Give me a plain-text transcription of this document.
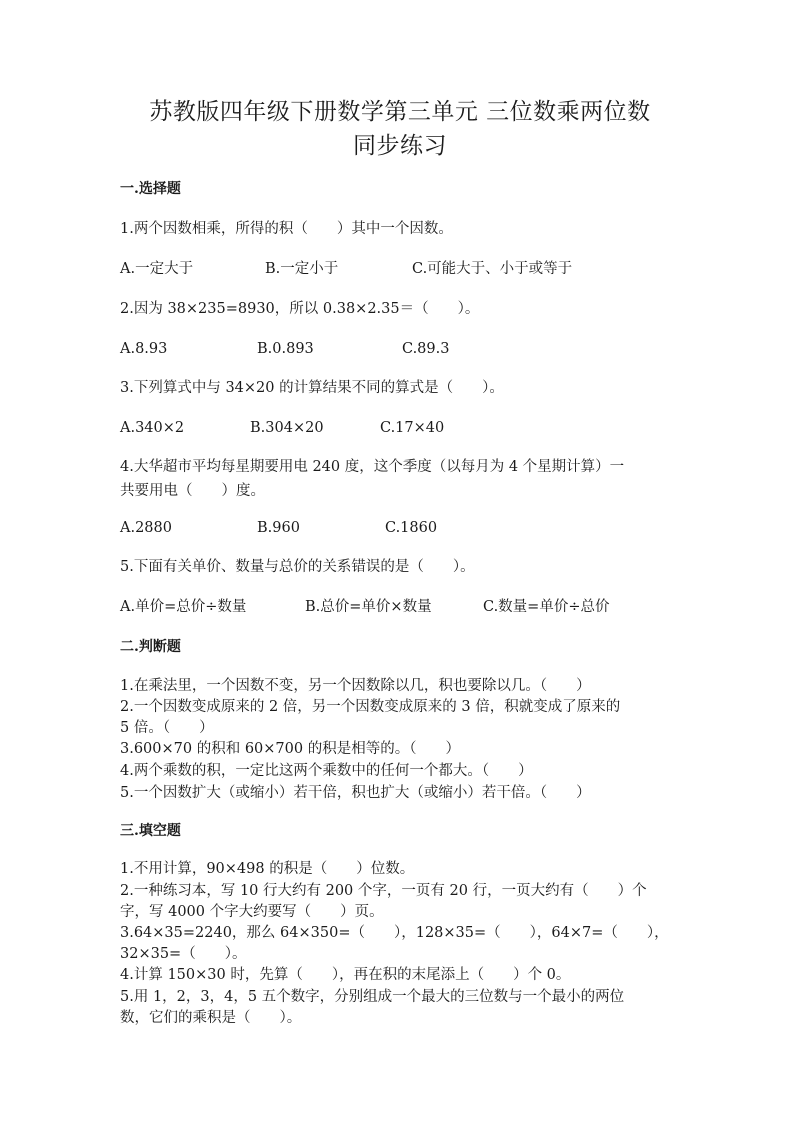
苏教版四年级下册数学第三单元 三位数乘两位数
同步练习
一.选择题
1.两个因数相乘，所得的积（　　）其中一个因数。
A.一定大于	B.一定小于	C.可能大于、小于或等于
2.因为 38×235=8930，所以 0.38×2.35＝（　　）。
A.8.93	B.0.893	C.89.3
3.下列算式中与 34×20 的计算结果不同的算式是（　　）。
A.340×2	B.304×20	C.17×40
4.大华超市平均每星期要用电 240 度，这个季度（以每月为 4 个星期计算）一
共要用电（　　）度。
A.2880	B.960	C.1860
5.下面有关单价、数量与总价的关系错误的是（　　）。
A.单价=总价÷数量	B.总价=单价×数量	C.数量=单价÷总价
二.判断题
1.在乘法里，一个因数不变，另一个因数除以几，积也要除以几。（　　）
2.一个因数变成原来的 2 倍，另一个因数变成原来的 3 倍，积就变成了原来的
5 倍。（　　）
3.600×70 的积和 60×700 的积是相等的。（　　）
4.两个乘数的积，一定比这两个乘数中的任何一个都大。（　　）
5.一个因数扩大（或缩小）若干倍，积也扩大（或缩小）若干倍。（　　）
三.填空题
1.不用计算，90×498 的积是（　　）位数。
2.一种练习本，写 10 行大约有 200 个字，一页有 20 行，一页大约有（　　）个
字，写 4000 个字大约要写（　　）页。
3.64×35=2240，那么 64×350=（　　），128×35=（　　），64×7=（　　），
32×35=（　　）。
4.计算 150×30 时，先算（　　），再在积的末尾添上（　　）个 0。
5.用 1，2，3，4，5 五个数字，分别组成一个最大的三位数与一个最小的两位
数，它们的乘积是（　　）。
